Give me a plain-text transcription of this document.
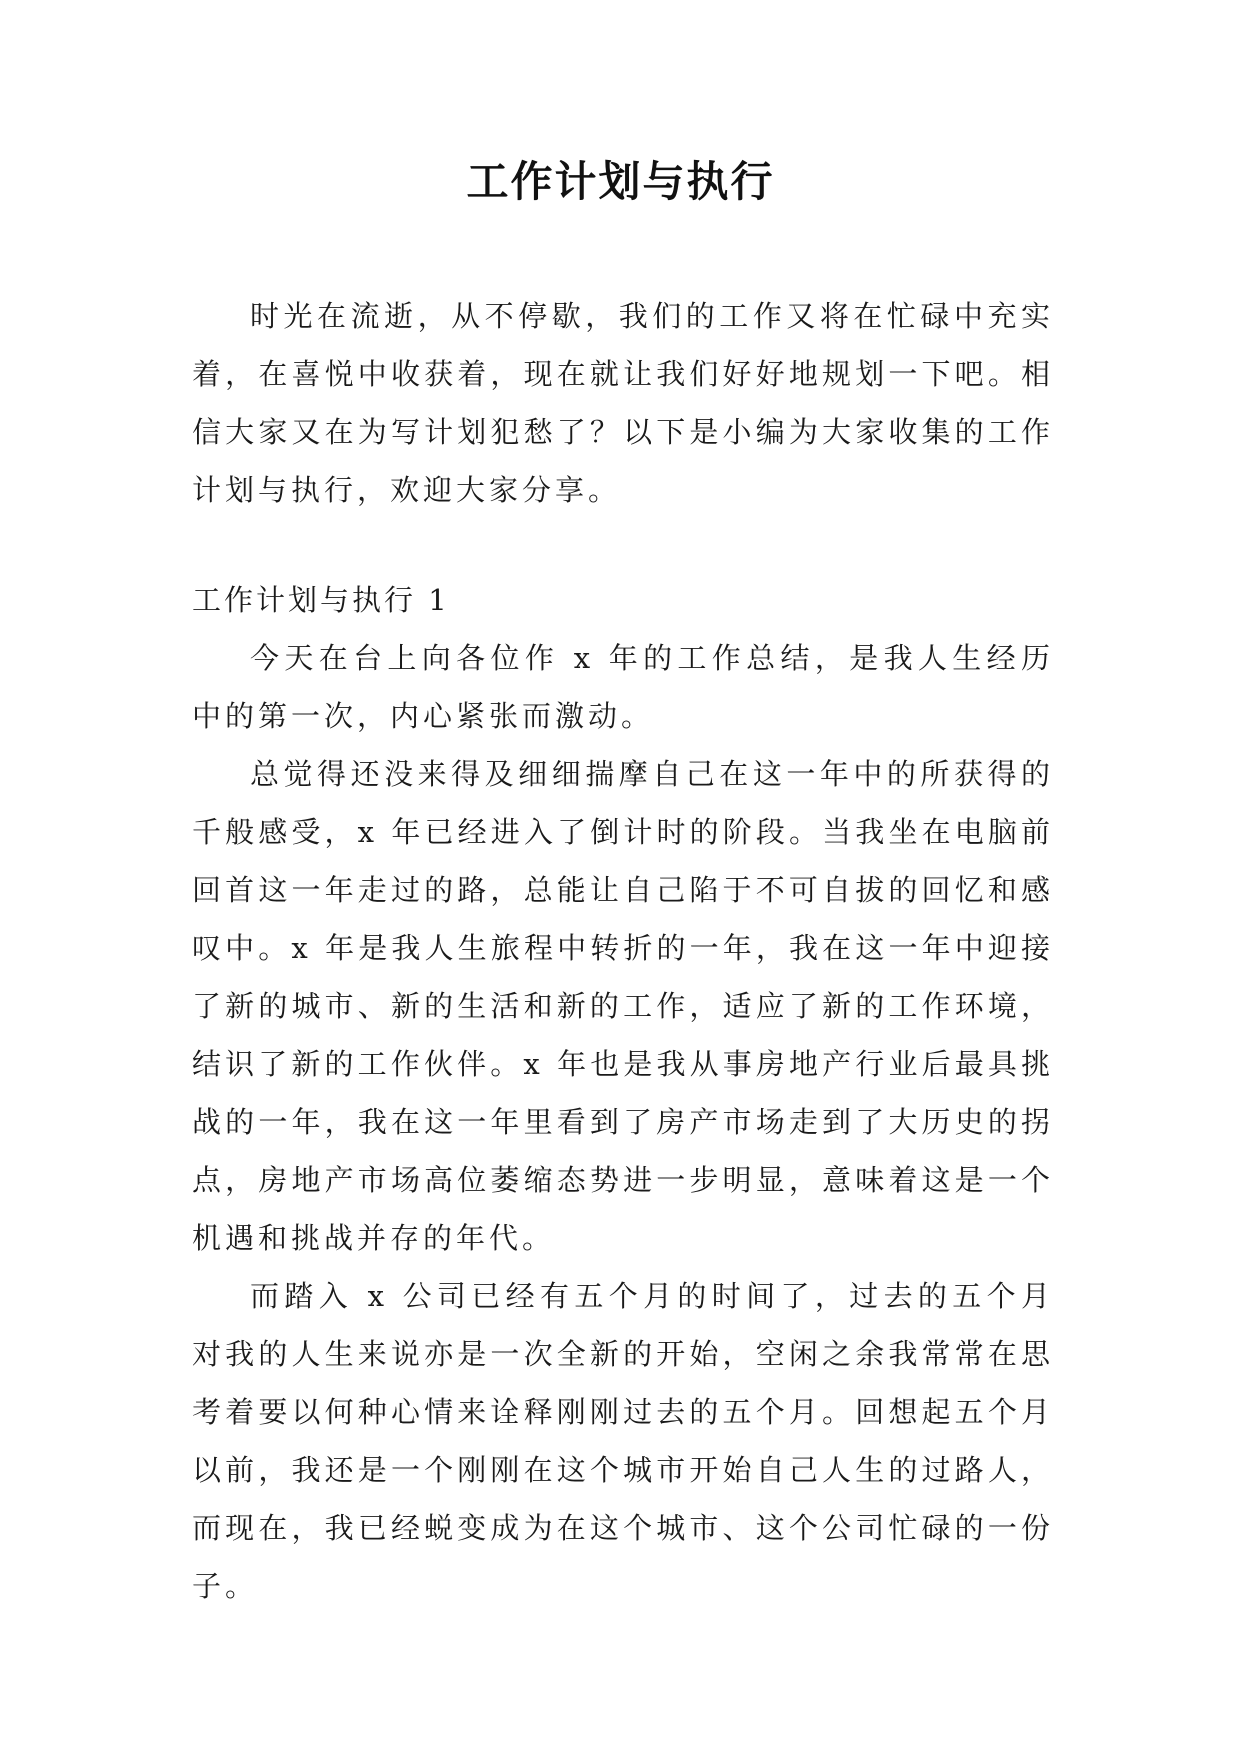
工作计划与执行

时光在流逝，从不停歇，我们的工作又将在忙碌中充实着，在喜悦中收获着，现在就让我们好好地规划一下吧。相信大家又在为写计划犯愁了？以下是小编为大家收集的工作计划与执行，欢迎大家分享。

工作计划与执行 1

今天在台上向各位作 x 年的工作总结，是我人生经历中的第一次，内心紧张而激动。

总觉得还没来得及细细揣摩自己在这一年中的所获得的千般感受，x 年已经进入了倒计时的阶段。当我坐在电脑前回首这一年走过的路，总能让自己陷于不可自拔的回忆和感叹中。x 年是我人生旅程中转折的一年，我在这一年中迎接了新的城市、新的生活和新的工作，适应了新的工作环境，结识了新的工作伙伴。x 年也是我从事房地产行业后最具挑战的一年，我在这一年里看到了房产市场走到了大历史的拐点，房地产市场高位萎缩态势进一步明显，意味着这是一个机遇和挑战并存的年代。

而踏入 x 公司已经有五个月的时间了，过去的五个月对我的人生来说亦是一次全新的开始，空闲之余我常常在思考着要以何种心情来诠释刚刚过去的五个月。回想起五个月以前，我还是一个刚刚在这个城市开始自己人生的过路人，而现在，我已经蜕变成为在这个城市、这个公司忙碌的一份子。
